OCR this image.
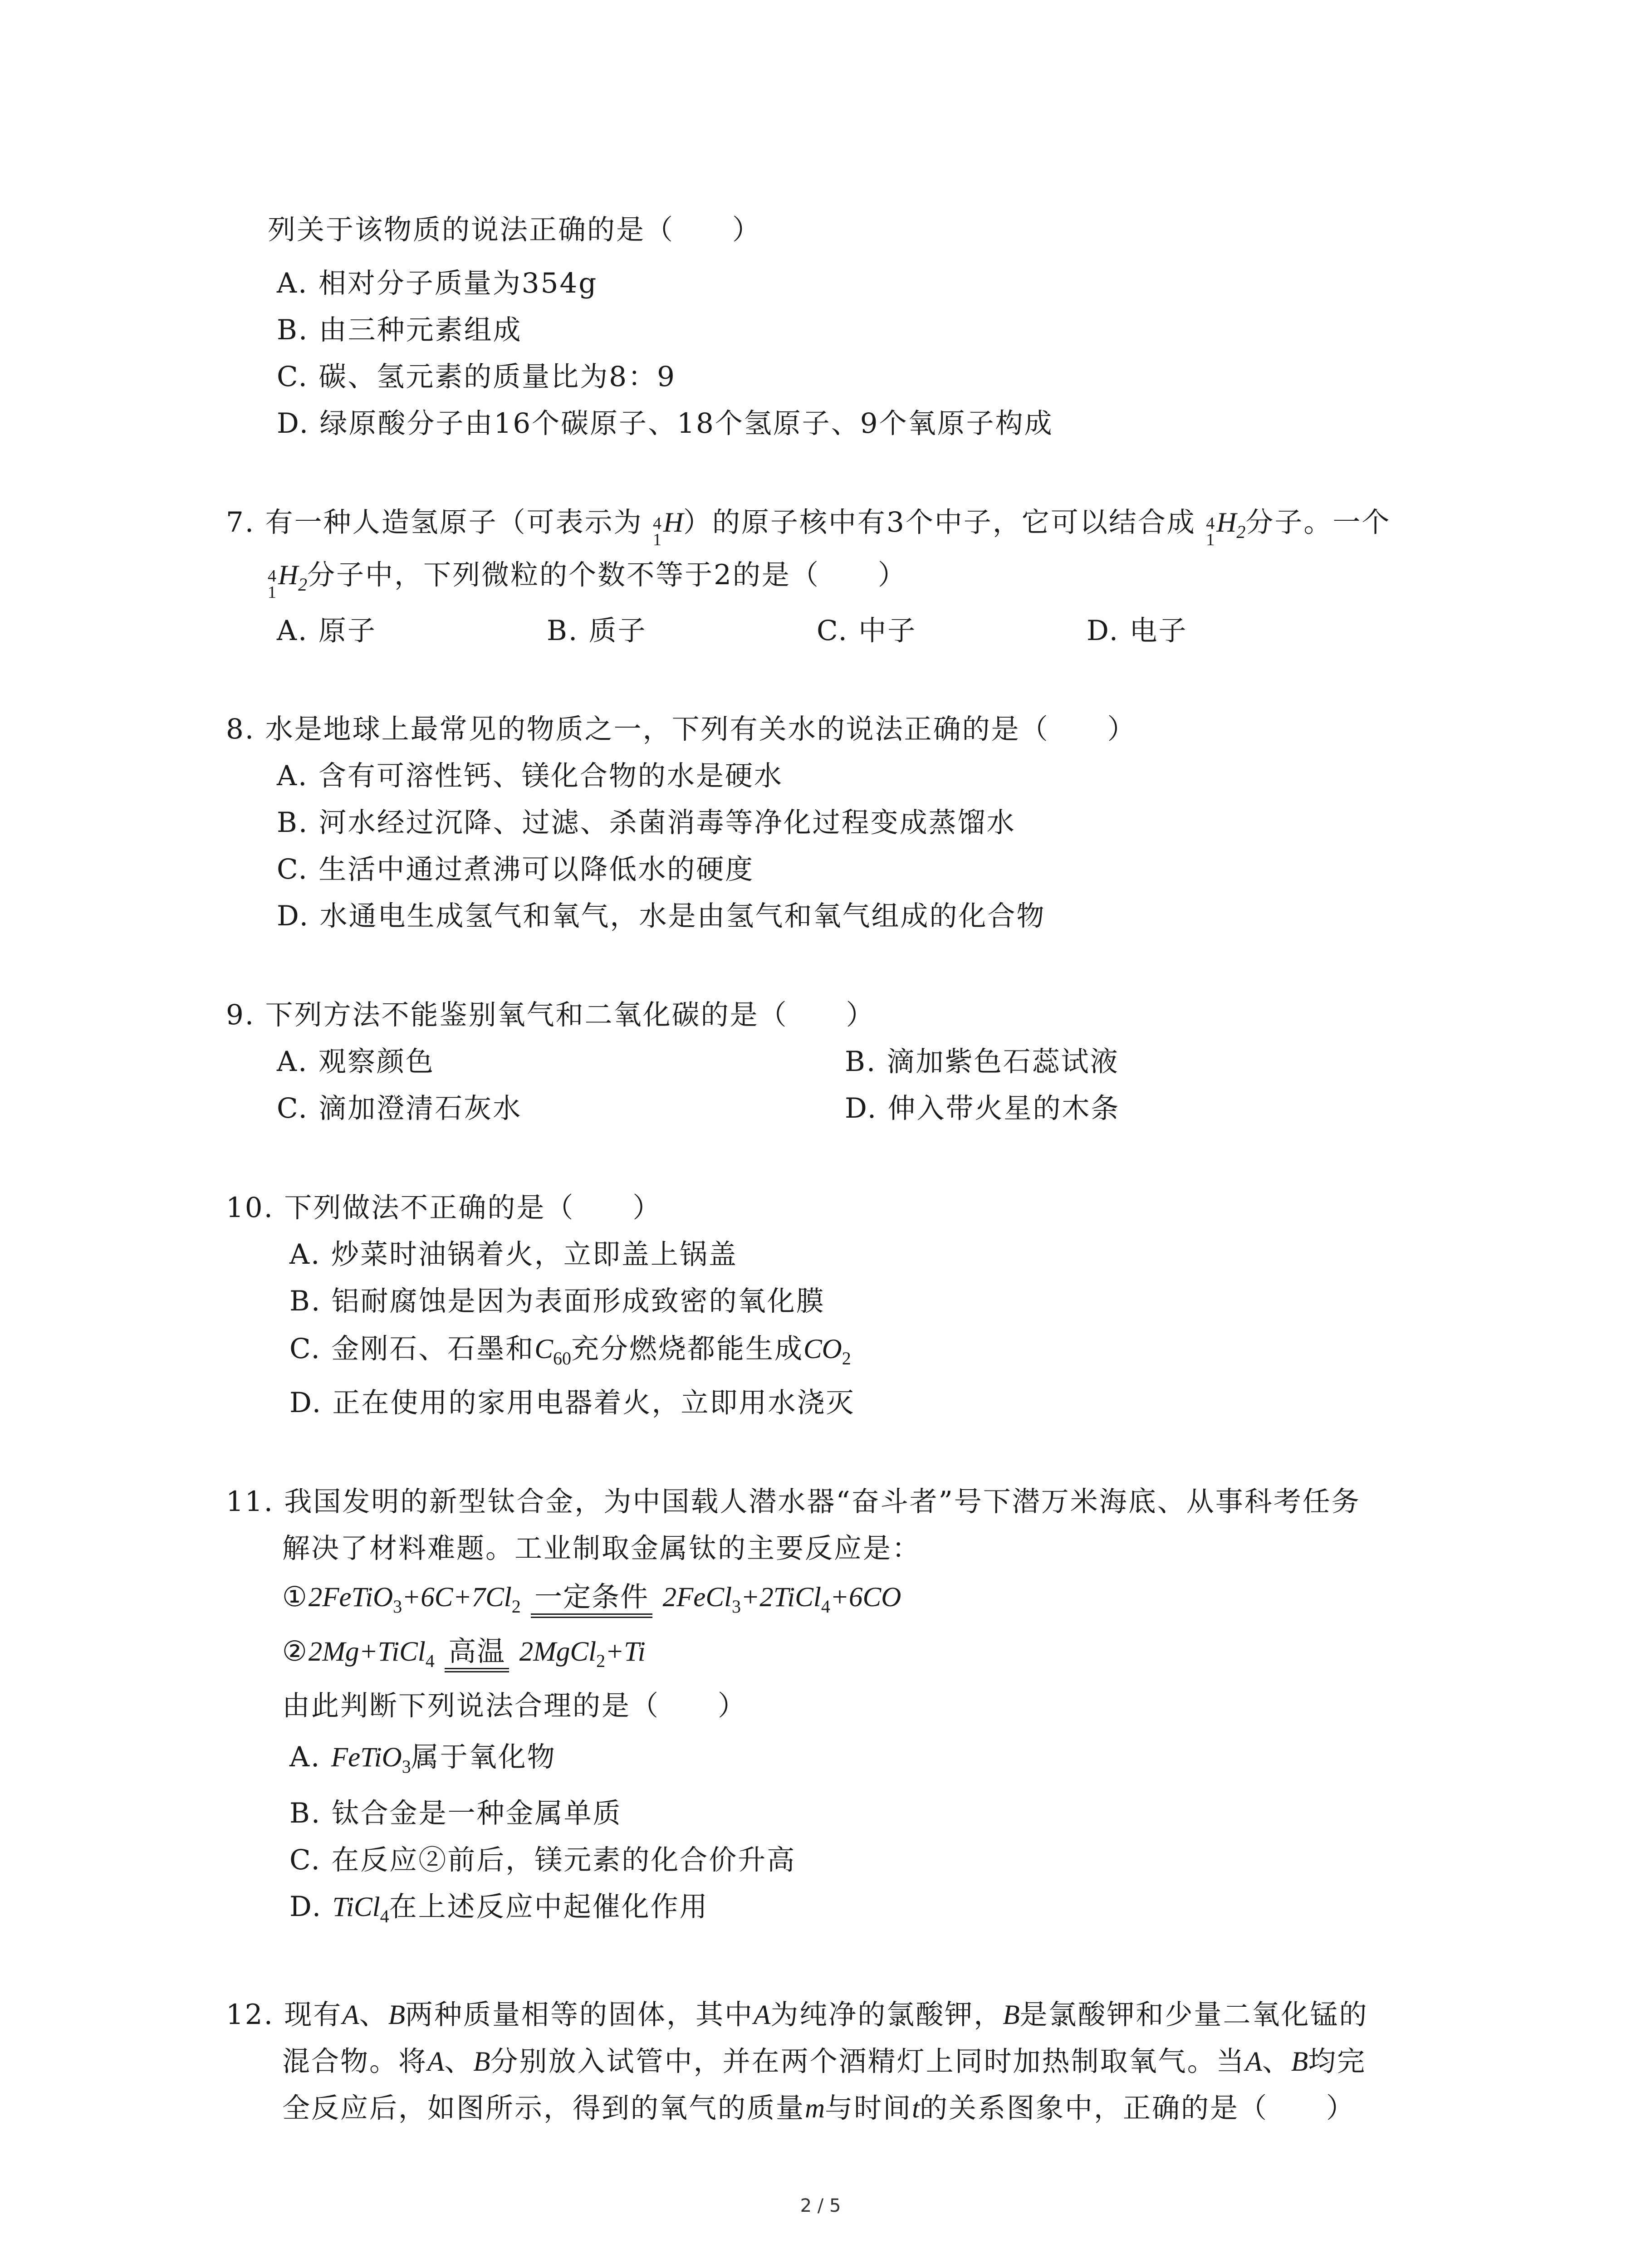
列关于该物质的说法正确的是（　　）
A. 相对分子质量为354g
B. 由三种元素组成
C. 碳、氢元素的质量比为8：9
D. 绿原酸分子由16个碳原子、18个氢原子、9个氧原子构成
7. 有一种人造氢原子（可表示为 4
1
H）的原子核中有3个中子，它可以结合成 4
1
$H_2$分子。一个
4
1
$H_2$分子中，下列微粒的个数不等于2的是（　　）
A. 原子	B. 质子	C. 中子	D. 电子
8. 水是地球上最常见的物质之一，下列有关水的说法正确的是（　　）
A. 含有可溶性钙、镁化合物的水是硬水
B. 河水经过沉降、过滤、杀菌消毒等净化过程变成蒸馏水
C. 生活中通过煮沸可以降低水的硬度
D. 水通电生成氢气和氧气，水是由氢气和氧气组成的化合物
9. 下列方法不能鉴别氧气和二氧化碳的是（　　）
A. 观察颜色	B. 滴加紫色石蕊试液
C. 滴加澄清石灰水	D. 伸入带火星的木条
10. 下列做法不正确的是（　　）
A. 炒菜时油锅着火，立即盖上锅盖
B. 铝耐腐蚀是因为表面形成致密的氧化膜
C. 金刚石、石墨和$C_{60}$充分燃烧都能生成$CO_2$
D. 正在使用的家用电器着火，立即用水浇灭
11. 我国发明的新型钛合金，为中国载人潜水器“奋斗者”号下潜万米海底、从事科考任务
解决了材料难题。工业制取金属钛的主要反应是：
$①2FeTiO_3+6C+7Cl_2$ 一定条件 2FeCl$_3$+2TiCl$_4$+6CO
②2Mg+TiCl$_4$ 高温 2MgCl$_2$+Ti
由此判断下列说法合理的是（　　）
A. FeTiO$_3$属于氧化物
B. 钛合金是一种金属单质
C. 在反应②前后，镁元素的化合价升高
D. TiCl$_4$在上述反应中起催化作用
12. 现有A、B两种质量相等的固体，其中A为纯净的氯酸钾，B是氯酸钾和少量二氧化锰的
混合物。将A、B分别放入试管中，并在两个酒精灯上同时加热制取氧气。当A、B均完
全反应后，如图所示，得到的氧气的质量m与时间t的关系图象中，正确的是（　　）
2 / 5
